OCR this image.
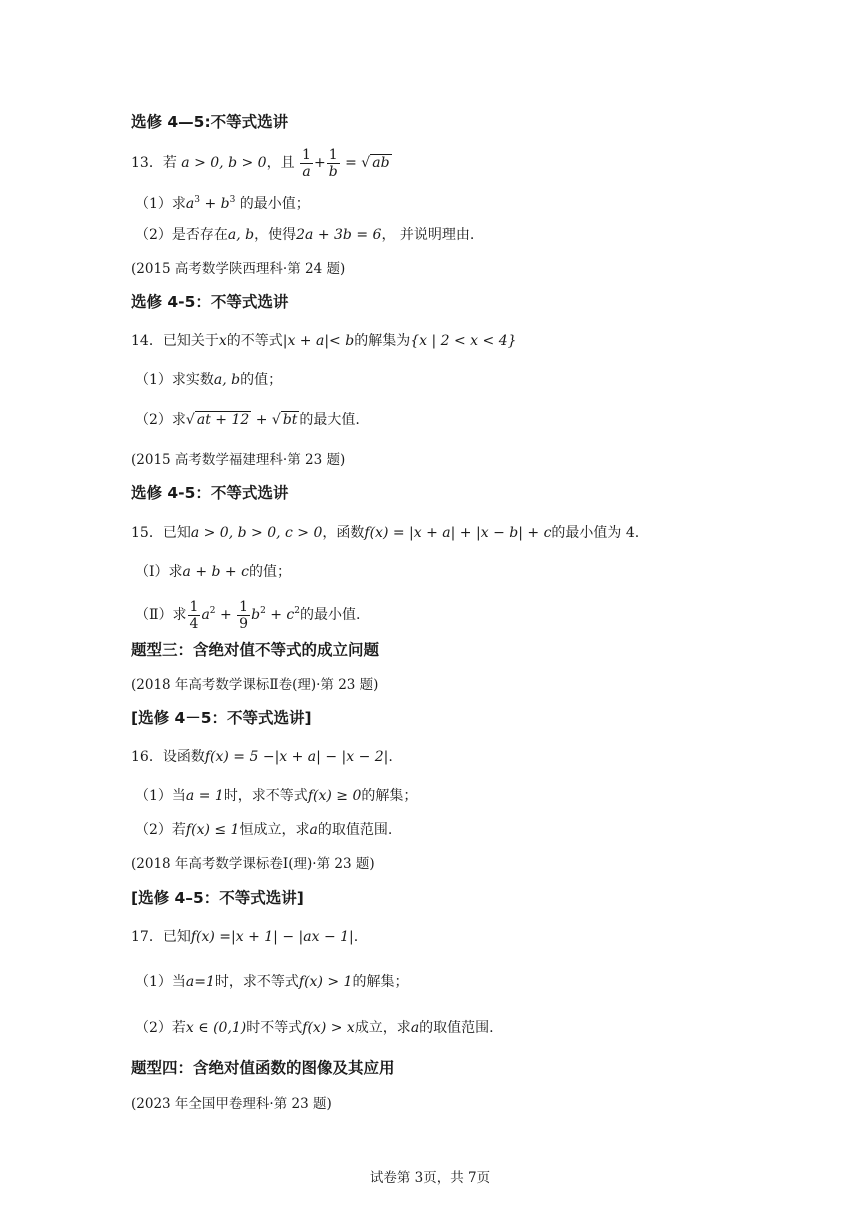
选修 4—5:不等式选讲
13．若 a > 0, b > 0，且 $\frac{1}{a} + \frac{1}{b}$ = √ ab
（1）求$a^3 + b^3$ 的最小值；
（2）是否存在a, b，使得2a + 3b = 6， 并说明理由.
(2015 高考数学陕西理科·第 24 题)
选修 4-5：不等式选讲
14．已知关于x的不等式|x + a|< b的解集为{x | 2 < x < 4}
（1）求实数a, b的值；
（2）求√ at + 12 + √ bt 的最大值.
(2015 高考数学福建理科·第 23 题)
选修 4-5：不等式选讲
15．已知a > 0, b > 0, c > 0，函数f(x) = |x + a| + |x − b| + c的最小值为 4.
（Ⅰ）求a + b + c的值；
（Ⅱ）求 $\frac{1}{4} a^2 + \frac{1}{9} b^2 + c^2$的最小值.
题型三：含绝对值不等式的成立问题
(2018 年高考数学课标Ⅱ卷(理)·第 23 题)
[选修 4－5：不等式选讲]
16．设函数f(x) = 5 −|x + a| − |x − 2|.
（1）当a = 1时，求不等式f(x) ≥ 0的解集；
（2）若f(x) ≤ 1恒成立，求a的取值范围.
(2018 年高考数学课标卷Ⅰ(理)·第 23 题)
[选修 4–5：不等式选讲]
17．已知f(x) =|x + 1| − |ax − 1|.
（1）当a=1时，求不等式f(x) > 1的解集；
（2）若x ∈ (0,1)时不等式f(x) > x成立，求a的取值范围.
题型四：含绝对值函数的图像及其应用
(2023 年全国甲卷理科·第 23 题)
试卷第 3页，共 7页
